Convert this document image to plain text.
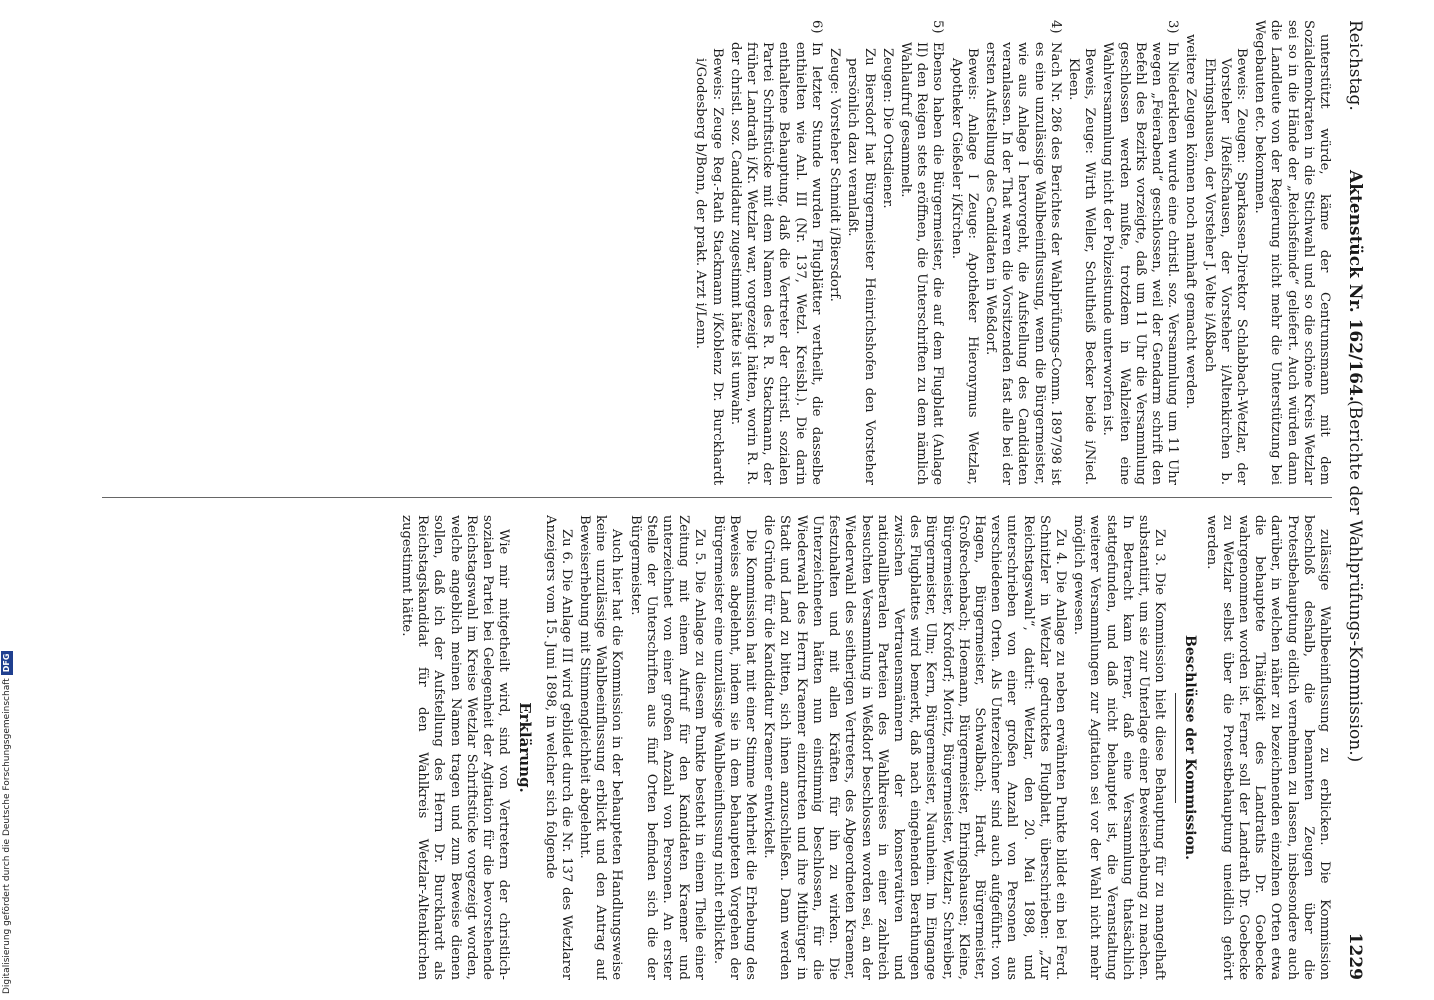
Reichstag.
Aktenstück Nr. 162/164.
(Berichte der Wahlprüfungs-Kommission.)
1229

unterstützt würde, käme der Centrumsmann mit dem Sozialdemokraten in die Stichwahl und so die schöne Kreis Wetzlar sei so in die Hände der „Reichsfeinde“ geliefert. Auch würden dann die Landleute von der Regierung nicht mehr die Unterstützung bei Wegebauten etc. bekommen.

Beweis: Zeugen: Sparkassen-Direktor Schlabbach-Wetzlar, der Vorsteher i/Reifschausen, der Vorsteher i/Altenkirchen b. Ehringshausen, der Vorsteher J. Velte i/Aßbach

weitere Zeugen können noch namhaft gemacht werden.

3)
In Niederkleen wurde eine christl. soz. Versammlung um 11 Uhr wegen „Feierabend“ geschlossen, weil der Gendarm schrift den Befehl des Bezirks vorzeigte, daß um 11 Uhr die Versammlung geschlossen werden mußte, trotzdem in Wahlzeiten eine Wahlversammlung nicht der Polizeistunde unterworfen ist.

Beweis, Zeuge: Wirth Weller, Schultheiß Becker beide i/Nied. Kleen.

4)
Nach Nr. 286 des Berichtes der Wahlprüfungs-Comm. 1897/98 ist es eine unzulässige Wahlbeeinflussung, wenn die Bürgermeister, wie aus Anlage I hervorgeht, die Aufstellung des Candidaten veranlassen. In der That waren die Vorsitzenden fast alle bei der ersten Aufstellung des Candidaten in Weßdorf.

Beweis: Anlage I Zeuge: Apotheker Hieronymus Wetzlar, Apotheker Gießeler i/Kirchen.

5)
Ebenso haben die Bürgermeister, die auf dem Flugblatt (Anlage II) den Reigen stets eröffnen, die Unterschriften zu dem nämlich Wahlaufruf gesammelt.

Zeugen: Die Ortsdiener.

Zu Biersdorf hat Bürgermeister Heinrichshofen den Vorsteher persönlich dazu veranlaßt.

Zeuge: Vorsteher Schmidt i/Biersdorf.

6)
In letzter Stunde wurden Flugblätter vertheilt, die dasselbe enthielten wie Anl. III (Nr. 137, Wetzl. Kreisbl.). Die darin enthaltene Behauptung, daß die Vertreter der christl. sozialen Partei Schriftstücke mit dem Namen des R. R. Stackmann, der früher Landrath i/Kr. Wetzlar war, vorgezeigt hätten, worin R. R. der christl. soz. Candidatur zugestimmt hätte ist unwahr.

Beweis: Zeuge Reg.-Rath Stackmann i/Koblenz Dr. Burckhardt i/Godesberg b/Bonn, der prakt. Arzt i/Lenn.

zulässige Wahlbeeinflussung zu erblicken. Die Kommission beschloß deshalb, die benannten Zeugen über die Protestbehauptung eidlich vernehmen zu lassen, insbesondere auch darüber, in welchen näher zu bezeichnenden einzelnen Orten etwa die behauptete Thätigkeit des Landraths Dr. Goebecke wahrgenommen worden ist. Ferner soll der Landrath Dr. Goebecke zu Wetzlar selbst über die Protestbehauptung uneidlich gehört werden.

Beschlüsse der Kommission.

Zu 3. Die Kommission hielt diese Behauptung für zu mangelhaft substantiirt, um sie zur Unterlage einer Beweiserhebung zu machen. In Betracht kam ferner, daß eine Versammlung thatsächlich stattgefunden, und daß nicht behauptet ist, die Veranstaltung weiterer Versammlungen zur Agitation sei vor der Wahl nicht mehr möglich gewesen.

Zu 4. Die Anlage zu neben erwähnten Punkte bildet ein bei Ferd. Schnitzler in Wetzlar gedrucktes Flugblatt, überschrieben: „Zur Reichstagswahl“, datirt: Wetzlar, den 20. Mai 1898, und unterschrieben von einer großen Anzahl von Personen aus verschiedenen Orten. Als Unterzeichner sind auch aufgeführt: von Hagen, Bürgermeister, Schwalbach; Hardt, Bürgermeister, Großrechenbach; Hoemann, Bürgermeister, Ehringshausen; Kleine, Bürgermeister, Krofdorf; Moritz, Bürgermeister, Wetzlar; Schreiber, Bürgermeister, Ulm; Kern, Bürgermeister, Naunheim. Im Eingange des Flugblattes wird bemerkt, daß nach eingehenden Berathungen zwischen Vertrauensmännern der konservativen und nationalliberalen Parteien des Wahlkreises in einer zahlreich besuchten Versammlung in Weßdorf beschlossen worden sei, an der Wiederwahl des seitherigen Vertreters, des Abgeordneten Kraemer, festzuhalten und mit allen Kräften für ihn zu wirken. Die Unterzeichneten hätten nun einstimmig beschlossen, für die Wiederwahl des Herrn Kraemer einzutreten und ihre Mitbürger in Stadt und Land zu bitten, sich ihnen anzuschließen. Dann werden die Gründe für die Kandidatur Kraemer entwickelt.

Die Kommission hat mit einer Stimme Mehrheit die Erhebung des Beweises abgelehnt, indem sie in dem behaupteten Vorgehen der Bürgermeister eine unzulässige Wahlbeeinflussung nicht erblickte.

Zu 5. Die Anlage zu diesem Punkte besteht in einem Theile einer Zeitung mit einem Aufruf für den Kandidaten Kraemer und unterzeichnet von einer großen Anzahl von Personen. An erster Stelle der Unterschriften aus fünf Orten befinden sich die der Bürgermeister.

Auch hier hat die Kommission in der behaupteten Handlungsweise keine unzulässige Wahlbeeinflussung erblickt und den Antrag auf Beweiserhebung mit Stimmengleichheit abgelehnt.

Zu 6. Die Anlage III wird gebildet durch die Nr. 137 des Wetzlarer Anzeigers vom 15. Juni 1898, in welcher sich folgende

Erklärung.

Wie mir mitgetheilt wird, sind von Vertretern der christlich-sozialen Partei bei Gelegenheit der Agitation für die bevorstehende Reichstagswahl im Kreise Wetzlar Schriftstücke vorgezeigt worden, welche angeblich meinen Namen tragen und zum Beweise dienen sollen, daß ich der Aufstellung des Herrn Dr. Burckhardt als Reichstagskandidat für den Wahlkreis Wetzlar-Altenkirchen zugestimmt hätte.

Digitalisierung gefördert durch die Deutsche ForschungsgemeinschaftDFG
